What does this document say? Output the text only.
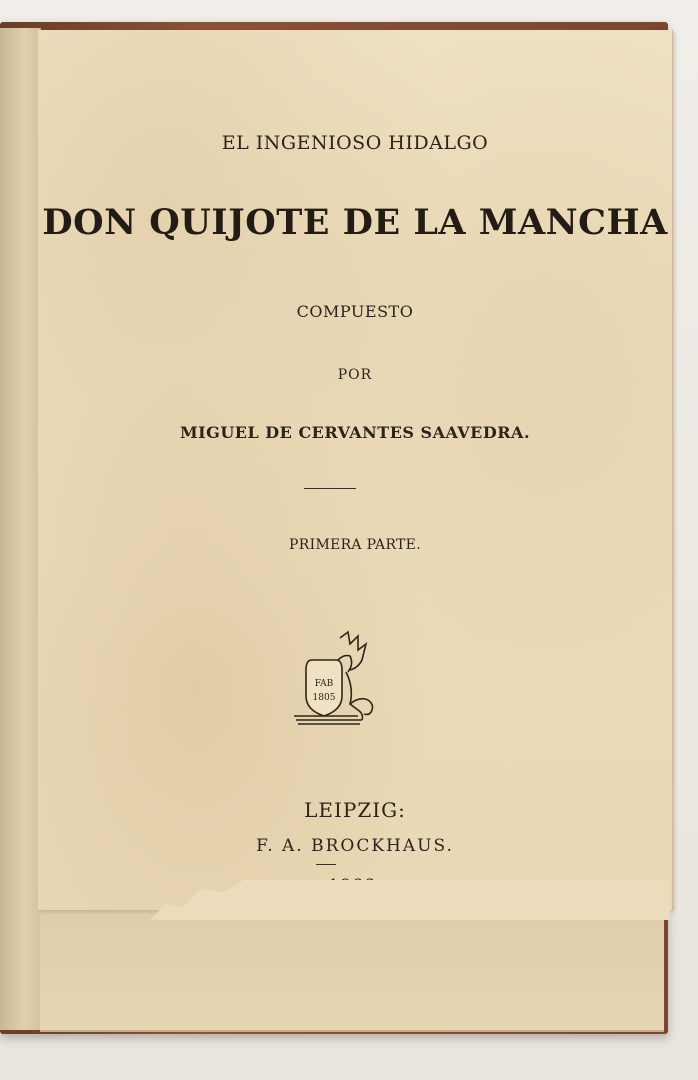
EL INGENIOSO HIDALGO
DON QUIJOTE DE LA MANCHA
COMPUESTO
POR
MIGUEL DE CERVANTES SAAVEDRA.
PRIMERA PARTE.
FAB
1805
LEIPZIG:
F. A. BROCKHAUS.
